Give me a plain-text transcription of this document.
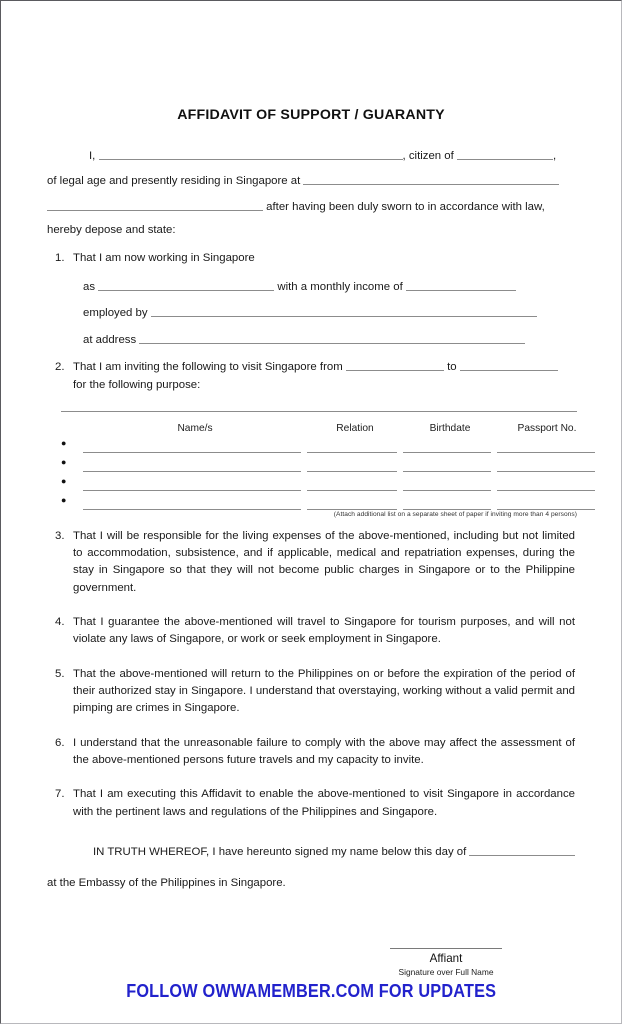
AFFIDAVIT OF SUPPORT / GUARANTY
I,	, citizen of	,
of legal age and presently residing in Singapore at
after having been duly sworn to in accordance with law,
hereby depose and state:
1. That I am now working in Singapore
as	with a monthly income of
employed by
at address
2. That I am inviting the following to visit Singapore from	to
for the following purpose:
Name/s	Relation	Birthdate	Passport No.
●
●
●
●
(Attach additional list on a separate sheet of paper if inviting more than 4 persons)
3. That I will be responsible for the living expenses of the above-mentioned, including but not limited to accommodation, subsistence, and if applicable, medical and repatriation expenses, during the stay in Singapore so that they will not become public charges in Singapore or to the Philippine government.
4. That I guarantee the above-mentioned will travel to Singapore for tourism purposes, and will not violate any laws of Singapore, or work or seek employment in Singapore.
5. That the above-mentioned will return to the Philippines on or before the expiration of the period of their authorized stay in Singapore. I understand that overstaying, working without a valid permit and pimping are crimes in Singapore.
6. I understand that the unreasonable failure to comply with the above may affect the assessment of the above-mentioned persons future travels and my capacity to invite.
7. That I am executing this Affidavit to enable the above-mentioned to visit Singapore in accordance with the pertinent laws and regulations of the Philippines and Singapore.
IN TRUTH WHEREOF, I have hereunto signed my name below this day of
at the Embassy of the Philippines in Singapore.
Affiant
Signature over Full Name
FOLLOW OWWAMEMBER.COM FOR UPDATES
